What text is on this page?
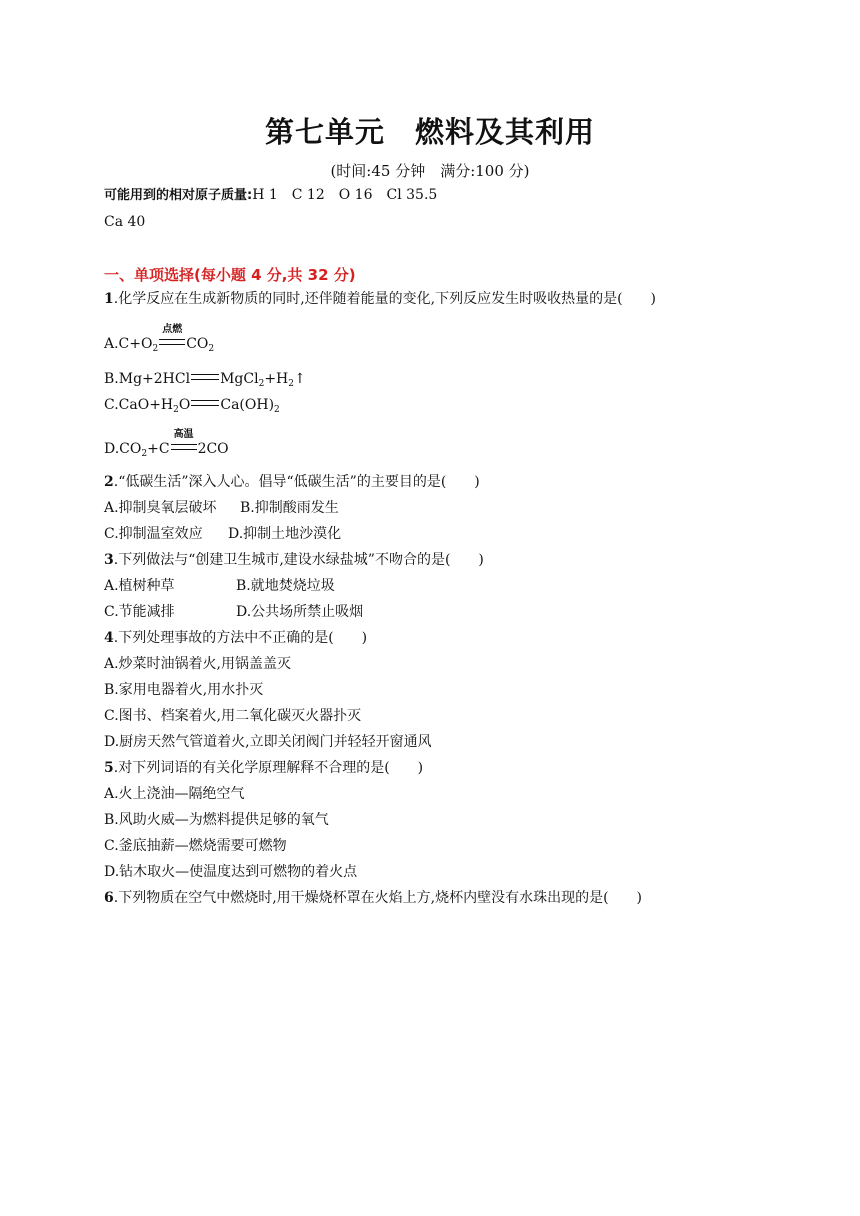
第七单元 燃料及其利用
(时间:45 分钟　满分:100 分)
可能用到的相对原子质量:H 1　C 12　O 16　Cl 35.5
Ca 40
一、单项选择(每小题 4 分,共 32 分)
1.化学反应在生成新物质的同时,还伴随着能量的变化,下列反应发生时吸收热量的是(　　)
$A.C+O_2$
点燃
$CO_2$
B.Mg+2HCl $MgCl_2+H_2↑$
$C.CaO+H_2O$ $Ca(OH)_2$
$D.CO_2+C$
高温
2CO
2.“低碳生活”深入人心。倡导“低碳生活”的主要目的是(　　)
A.抑制臭氧层破坏 B.抑制酸雨发生
C.抑制温室效应 D.抑制土地沙漠化
3.下列做法与“创建卫生城市,建设水绿盐城”不吻合的是(　　)
A.植树种草	B.就地焚烧垃圾
C.节能减排	D.公共场所禁止吸烟
4.下列处理事故的方法中不正确的是(　　)
A.炒菜时油锅着火,用锅盖盖灭
B.家用电器着火,用水扑灭
C.图书、档案着火,用二氧化碳灭火器扑灭
D.厨房天然气管道着火,立即关闭阀门并轻轻开窗通风
5.对下列词语的有关化学原理解释不合理的是(　　)
A.火上浇油—隔绝空气
B.风助火威—为燃料提供足够的氧气
C.釜底抽薪—燃烧需要可燃物
D.钻木取火—使温度达到可燃物的着火点
6.下列物质在空气中燃烧时,用干燥烧杯罩在火焰上方,烧杯内壁没有水珠出现的是(　　)
